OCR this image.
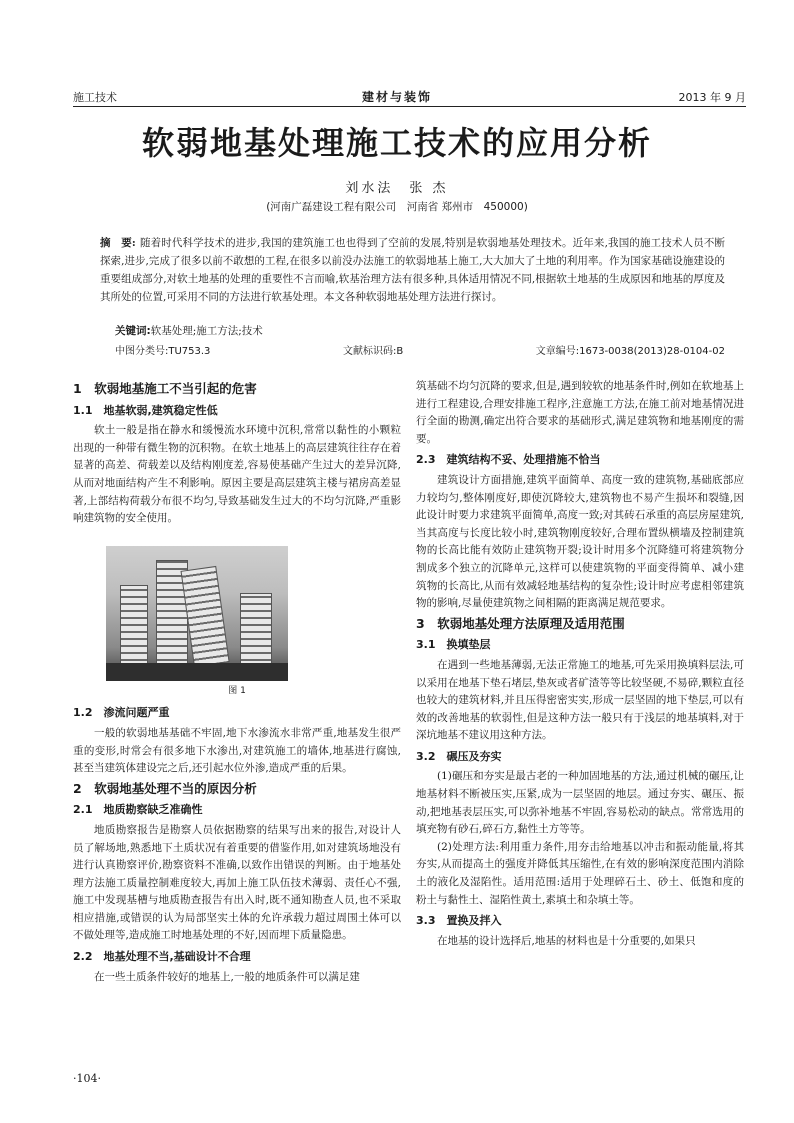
施工技术	建材与装饰	2013 年 9 月
软弱地基处理施工技术的应用分析
刘水法　张 杰
(河南广磊建设工程有限公司　河南省 郑州市　450000)
摘　要: 随着时代科学技术的进步,我国的建筑施工也也得到了空前的发展,特别是软弱地基处理技术。近年来,我国的施工技术人员不断探索,进步,完成了很多以前不敢想的工程,在很多以前没办法施工的软弱地基上施工,大大加大了土地的利用率。作为国家基础设施建设的重要组成部分,对软土地基的处理的重要性不言而喻,软基治理方法有很多种,具体适用情况不同,根据软土地基的生成原因和地基的厚度及其所处的位置,可采用不同的方法进行软基处理。本文各种软弱地基处理方法进行探讨。
关键词:软基处理;施工方法;技术
中图分类号:TU753.3	文献标识码:B	文章编号:1673-0038(2013)28-0104-02
1　软弱地基施工不当引起的危害
1.1　地基软弱,建筑稳定性低

软土一般是指在静水和缓慢流水环境中沉积,常常以黏性的小颗粒出现的一种带有微生物的沉积物。在软土地基上的高层建筑往往存在着显著的高差、荷载差以及结构刚度差,容易使基础产生过大的差异沉降,从而对地面结构产生不利影响。原因主要是高层建筑主楼与裙房高差显著,上部结构荷载分布很不均匀,导致基础发生过大的不均匀沉降,严重影响建筑物的安全使用。

图 1
1.2　渗流问题严重

一般的软弱地基基础不牢固,地下水渗流水非常严重,地基发生很严重的变形,时常会有很多地下水渗出,对建筑施工的墙体,地基进行腐蚀,甚至当建筑体建设完之后,还引起水位外渗,造成严重的后果。

2　软弱地基处理不当的原因分析
2.1　地质勘察缺乏准确性

地质勘察报告是勘察人员依据勘察的结果写出来的报告,对设计人员了解场地,熟悉地下土质状况有着重要的借鉴作用,如对建筑场地没有进行认真勘察评价,勘察资料不准确,以致作出错误的判断。由于地基处理方法施工质量控制难度较大,再加上施工队伍技术薄弱、责任心不强,施工中发现基槽与地质勘查报告有出入时,既不通知勘查人员,也不采取相应措施,或错误的认为局部坚实土体的允许承载力超过周围土体可以不做处理等,造成施工时地基处理的不好,因而埋下质量隐患。

2.2　地基处理不当,基础设计不合理

在一些土质条件较好的地基上,一般的地质条件可以满足建

筑基础不均匀沉降的要求,但是,遇到较软的地基条件时,例如在软地基上进行工程建设,合理安排施工程序,注意施工方法,在施工前对地基情况进行全面的勘测,确定出符合要求的基础形式,满足建筑物和地基刚度的需要。

2.3　建筑结构不妥、处理措施不恰当

建筑设计方面措施,建筑平面简单、高度一致的建筑物,基础底部应力较均匀,整体刚度好,即使沉降较大,建筑物也不易产生损坏和裂缝,因此设计时要力求建筑平面简单,高度一致;对其砖石承重的高层房屋建筑,当其高度与长度比较小时,建筑物刚度较好,合理布置纵横墙及控制建筑物的长高比能有效防止建筑物开裂;设计时用多个沉降缝可将建筑物分割成多个独立的沉降单元,这样可以使建筑物的平面变得简单、减小建筑物的长高比,从而有效减轻地基结构的复杂性;设计时应考虑相邻建筑物的影响,尽量使建筑物之间相隔的距离满足规范要求。

3　软弱地基处理方法原理及适用范围
3.1　换填垫层

在遇到一些地基薄弱,无法正常施工的地基,可先采用换填料层法,可以采用在地基下垫石堵层,垫灰或者矿渣等等比较坚硬,不易碎,颗粒直径也较大的建筑材料,并且压得密密实实,形成一层坚固的地下垫层,可以有效的改善地基的软弱性,但是这种方法一般只有于浅层的地基填料,对于深坑地基不建议用这种方法。

3.2　碾压及夯实

(1)碾压和夯实是最古老的一种加固地基的方法,通过机械的碾压,让地基材料不断被压实,压紧,成为一层坚固的地层。通过夯实、碾压、振动,把地基表层压实,可以弥补地基不牢固,容易松动的缺点。常常选用的填充物有砂石,碎石方,黏性土方等等。

(2)处理方法:利用重力条件,用夯击给地基以冲击和振动能量,将其夯实,从而提高土的强度并降低其压缩性,在有效的影响深度范围内消除土的液化及湿陷性。适用范围:适用于处理碎石土、砂土、低饱和度的粉土与黏性土、湿陷性黄土,素填土和杂填土等。

3.3　置换及拌入

在地基的设计选择后,地基的材料也是十分重要的,如果只

·104·
